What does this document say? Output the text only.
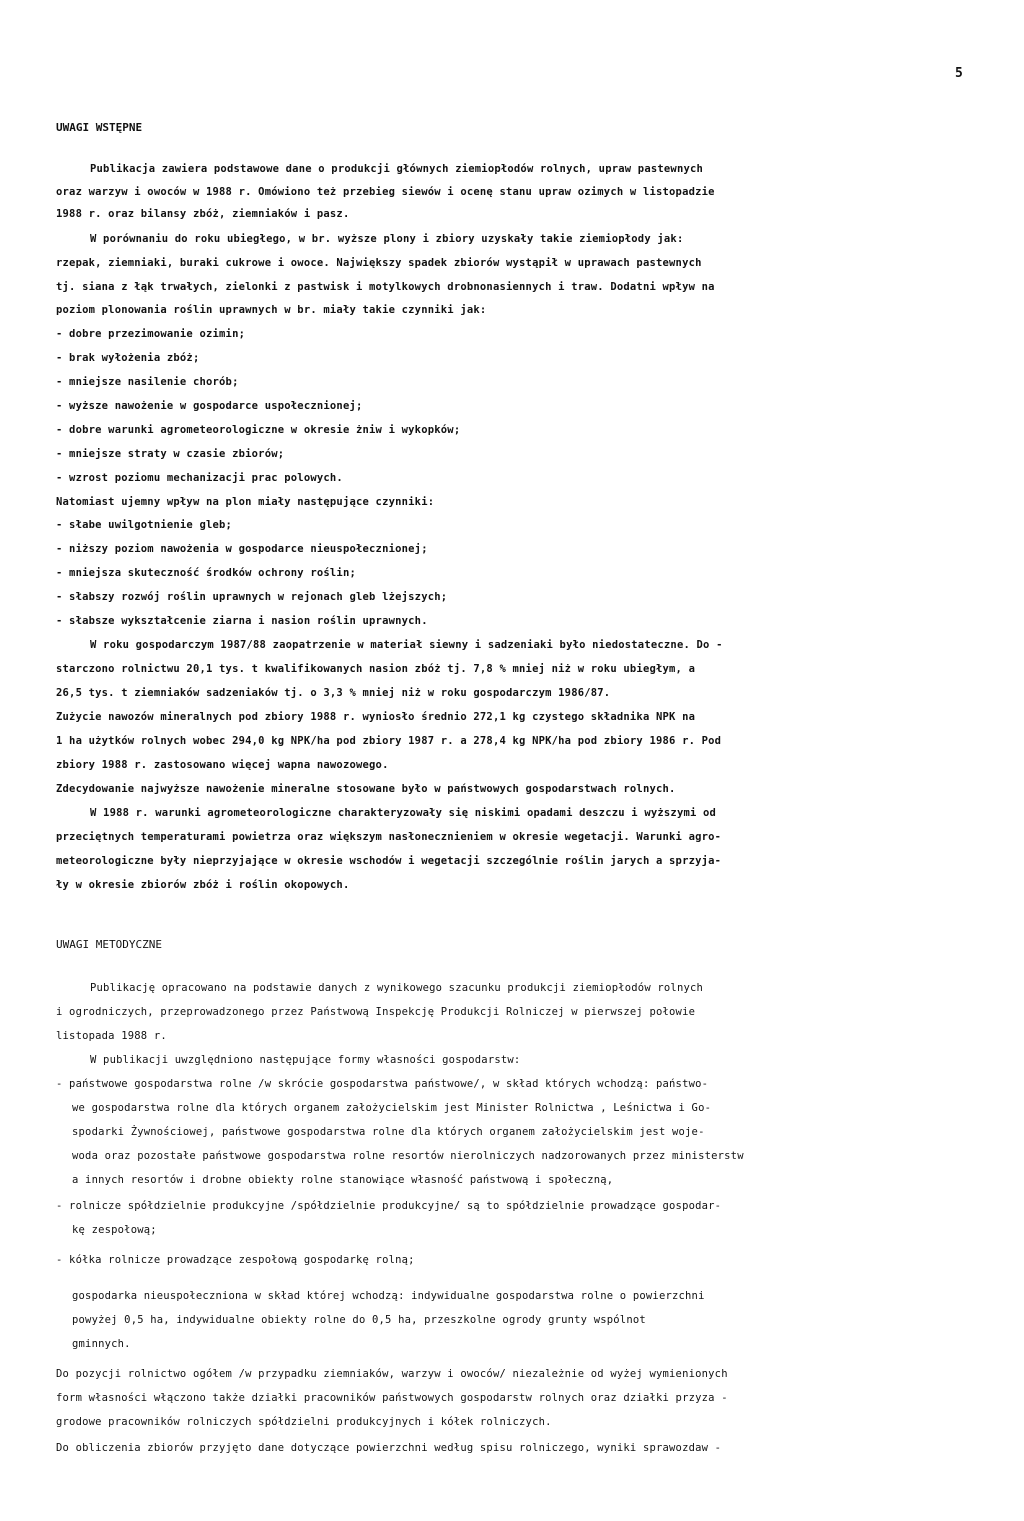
5
UWAGI WSTĘPNE
Publikacja zawiera podstawowe dane o produkcji głównych ziemiopłodów rolnych, upraw pastewnych
oraz warzyw i owoców w 1988 r. Omówiono też przebieg siewów i ocenę stanu upraw ozimych w listopadzie
1988 r. oraz bilansy zbóż, ziemniaków i pasz.
W porównaniu do roku ubiegłego, w br. wyższe plony i zbiory uzyskały takie ziemiopłody jak:
rzepak, ziemniaki, buraki cukrowe i owoce. Największy spadek zbiorów wystąpił w uprawach pastewnych
tj. siana z łąk trwałych, zielonki z pastwisk i motylkowych drobnonasiennych i traw. Dodatni wpływ na
poziom plonowania roślin uprawnych w br. miały takie czynniki jak:
- dobre przezimowanie ozimin;
- brak wyłożenia zbóż;
- mniejsze nasilenie chorób;
- wyższe nawożenie w gospodarce uspołecznionej;
- dobre warunki agrometeorologiczne w okresie żniw i wykopków;
- mniejsze straty w czasie zbiorów;
- wzrost poziomu mechanizacji prac polowych.
Natomiast ujemny wpływ na plon miały następujące czynniki:
- słabe uwilgotnienie gleb;
- niższy poziom nawożenia w gospodarce nieuspołecznionej;
- mniejsza skuteczność środków ochrony roślin;
- słabszy rozwój roślin uprawnych w rejonach gleb lżejszych;
- słabsze wykształcenie ziarna i nasion roślin uprawnych.
W roku gospodarczym 1987/88 zaopatrzenie w materiał siewny i sadzeniaki było niedostateczne. Do -
starczono rolnictwu 20,1 tys. t kwalifikowanych nasion zbóż tj. 7,8 % mniej niż w roku ubiegłym, a
26,5 tys. t ziemniaków sadzeniaków tj. o 3,3 % mniej niż w roku gospodarczym 1986/87.
Zużycie nawozów mineralnych pod zbiory 1988 r. wyniosło średnio 272,1 kg czystego składnika NPK na
1 ha użytków rolnych wobec 294,0 kg NPK/ha pod zbiory 1987 r. a 278,4 kg NPK/ha pod zbiory 1986 r. Pod
zbiory 1988 r. zastosowano więcej wapna nawozowego.
Zdecydowanie najwyższe nawożenie mineralne stosowane było w państwowych gospodarstwach rolnych.
W 1988 r. warunki agrometeorologiczne charakteryzowały się niskimi opadami deszczu i wyższymi od
przeciętnych temperaturami powietrza oraz większym nasłonecznieniem w okresie wegetacji. Warunki agro-
meteorologiczne były nieprzyjające w okresie wschodów i wegetacji szczególnie roślin jarych a sprzyja-
ły w okresie zbiorów zbóż i roślin okopowych.
UWAGI METODYCZNE
Publikację opracowano na podstawie danych z wynikowego szacunku produkcji ziemiopłodów rolnych
i ogrodniczych, przeprowadzonego przez Państwową Inspekcję Produkcji Rolniczej w pierwszej połowie
listopada 1988 r.
W publikacji uwzględniono następujące formy własności gospodarstw:
- państwowe gospodarstwa rolne /w skrócie gospodarstwa państwowe/, w skład których wchodzą: państwo-
we gospodarstwa rolne dla których organem założycielskim jest Minister Rolnictwa , Leśnictwa i Go-
spodarki Żywnościowej, państwowe gospodarstwa rolne dla których organem założycielskim jest woje-
woda oraz pozostałe państwowe gospodarstwa rolne resortów nierolniczych nadzorowanych przez ministerstw
a innych resortów i drobne obiekty rolne stanowiące własność państwową i społeczną,
- rolnicze spółdzielnie produkcyjne /spółdzielnie produkcyjne/ są to spółdzielnie prowadzące gospodar-
kę zespołową;
- kółka rolnicze prowadzące zespołową gospodarkę rolną;
gospodarka nieuspołeczniona w skład której wchodzą: indywidualne gospodarstwa rolne o powierzchni
powyżej 0,5 ha, indywidualne obiekty rolne do 0,5 ha, przeszkolne ogrody grunty wspólnot
gminnych.
Do pozycji rolnictwo ogółem /w przypadku ziemniaków, warzyw i owoców/ niezależnie od wyżej wymienionych
form własności włączono także działki pracowników państwowych gospodarstw rolnych oraz działki przyza -
grodowe pracowników rolniczych spółdzielni produkcyjnych i kółek rolniczych.
Do obliczenia zbiorów przyjęto dane dotyczące powierzchni według spisu rolniczego, wyniki sprawozdaw -
